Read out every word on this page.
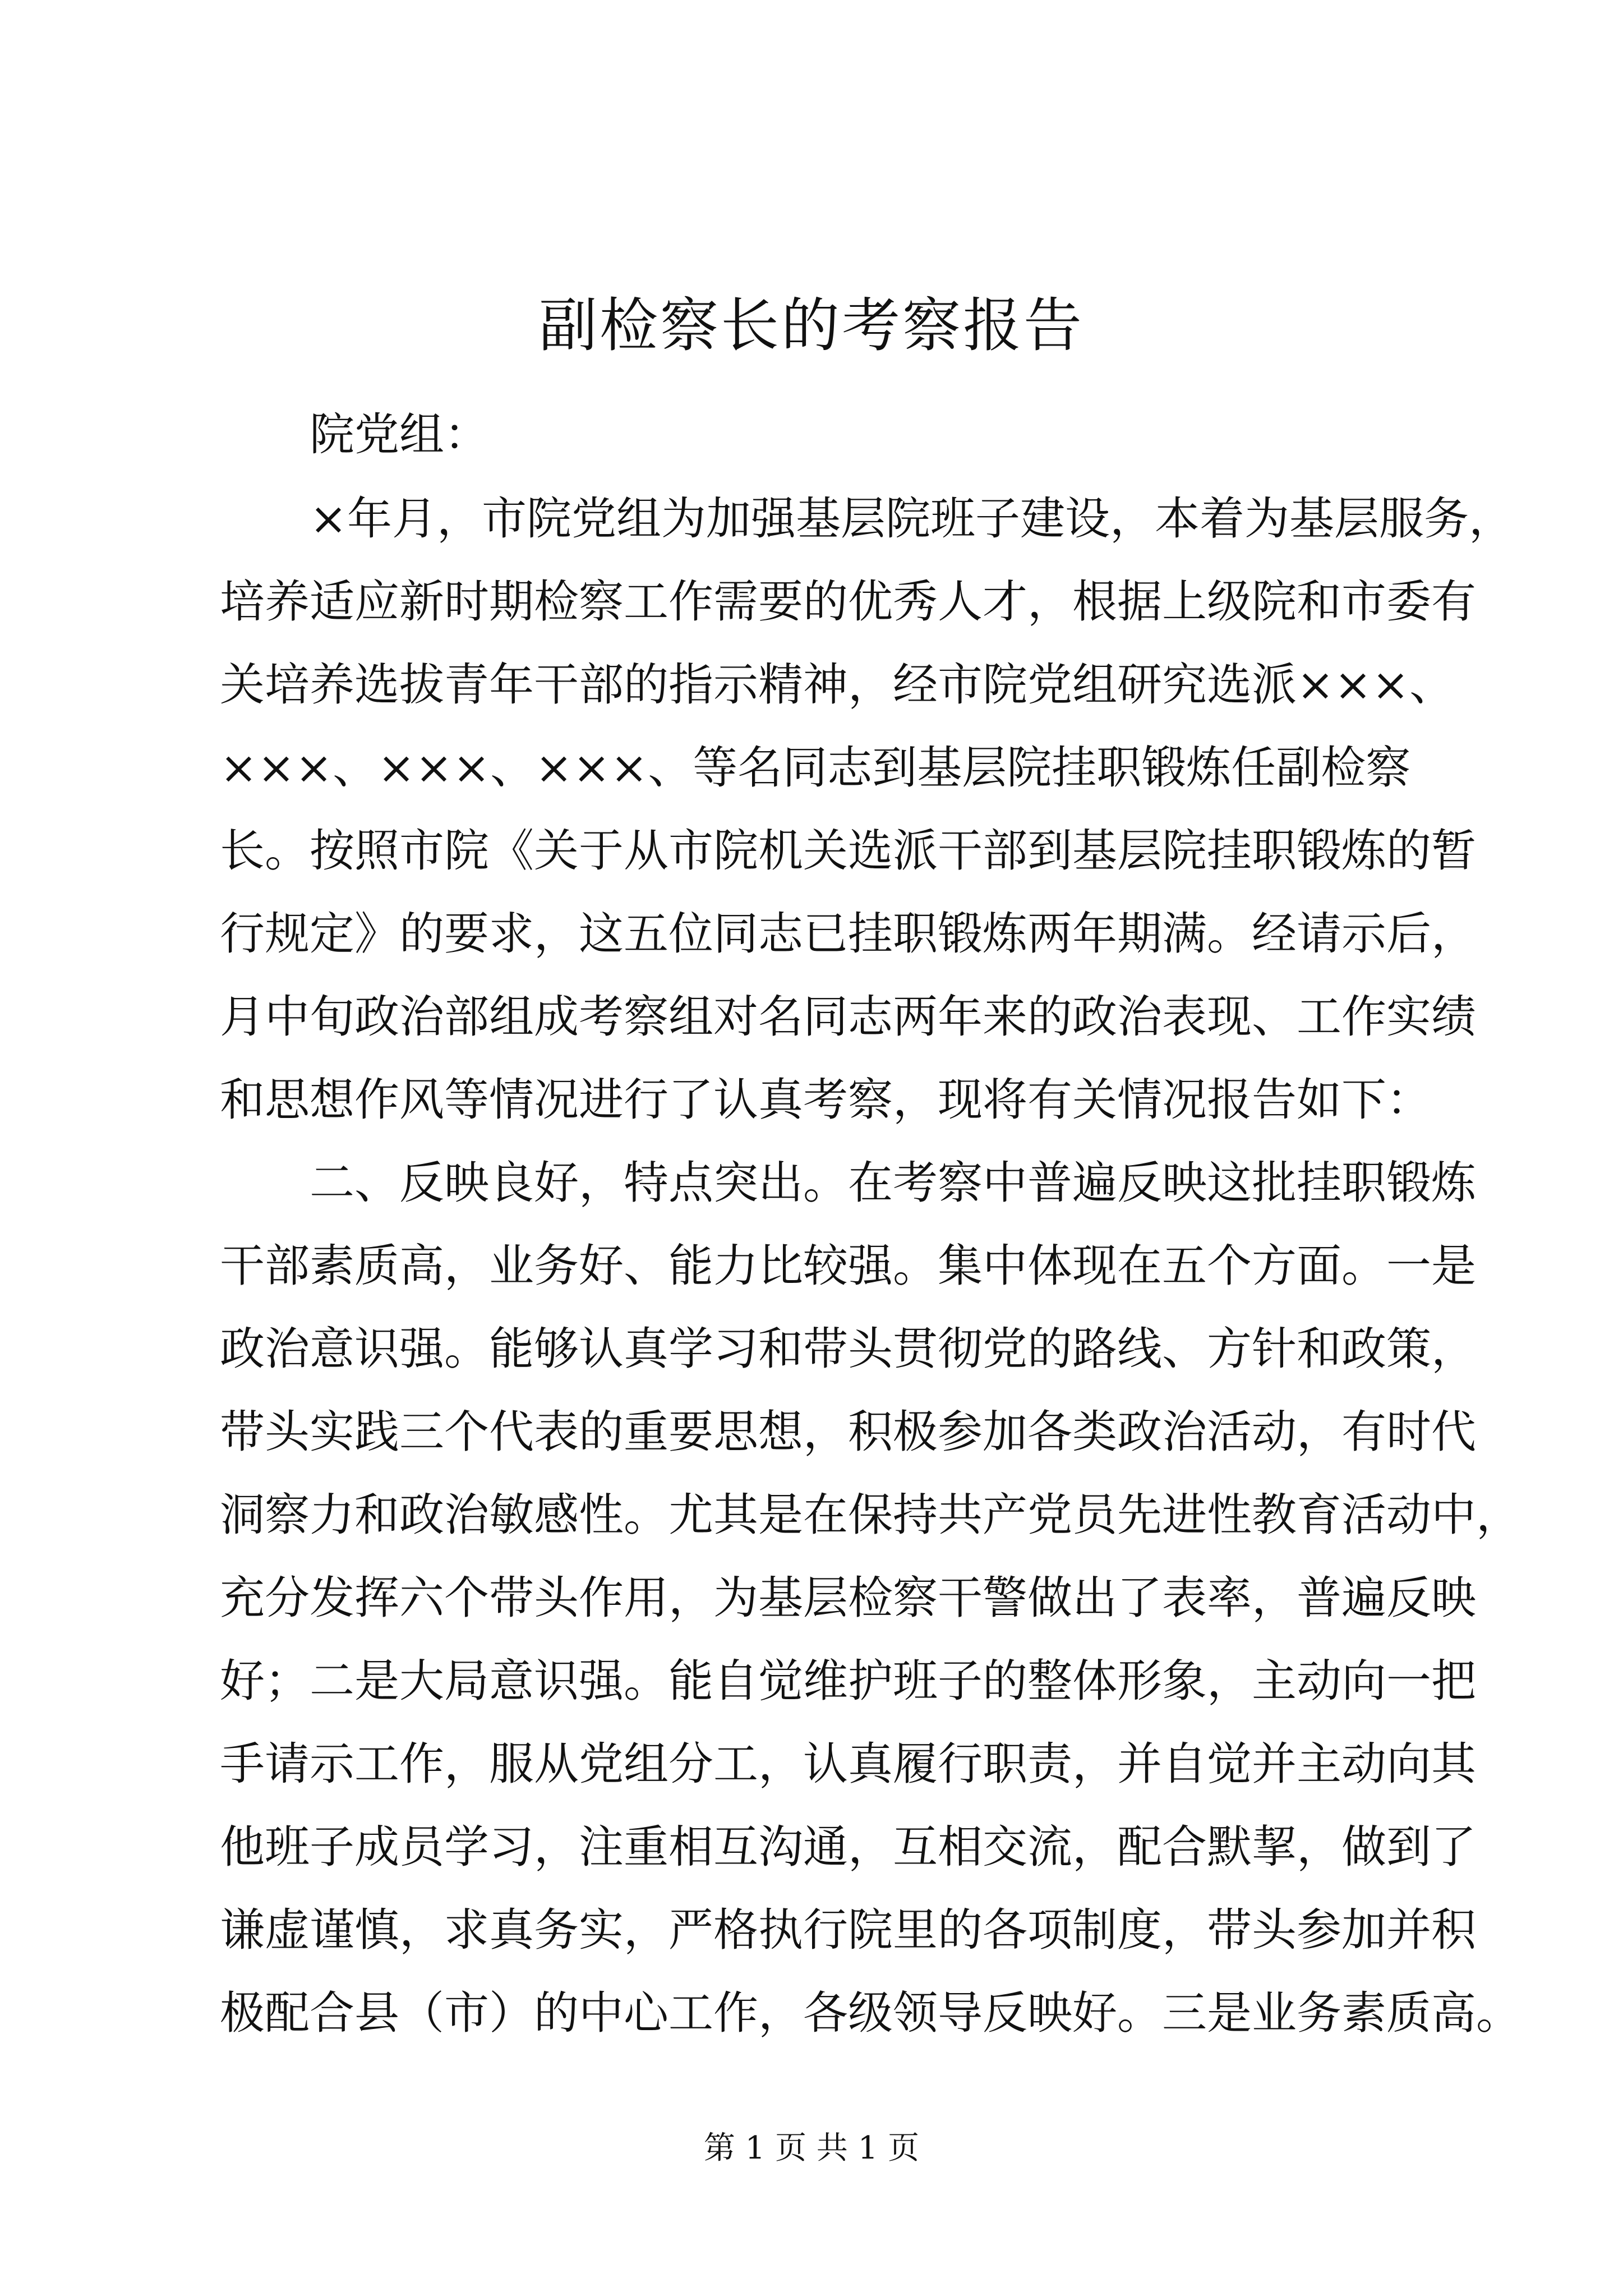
副检察长的考察报告

院党组：

×年月，市院党组为加强基层院班子建设，本着为基层服务，

培养适应新时期检察工作需要的优秀人才，根据上级院和市委有

关培养选拔青年干部的指示精神，经市院党组研究选派×××、

×××、×××、×××、等名同志到基层院挂职锻炼任副检察

长。按照市院《关于从市院机关选派干部到基层院挂职锻炼的暂

行规定》的要求，这五位同志已挂职锻炼两年期满。经请示后，

月中旬政治部组成考察组对名同志两年来的政治表现、工作实绩

和思想作风等情况进行了认真考察，现将有关情况报告如下：

二、反映良好，特点突出。在考察中普遍反映这批挂职锻炼

干部素质高，业务好、能力比较强。集中体现在五个方面。一是

政治意识强。能够认真学习和带头贯彻党的路线、方针和政策，

带头实践三个代表的重要思想，积极参加各类政治活动，有时代

洞察力和政治敏感性。尤其是在保持共产党员先进性教育活动中，

充分发挥六个带头作用，为基层检察干警做出了表率，普遍反映

好；二是大局意识强。能自觉维护班子的整体形象，主动向一把

手请示工作，服从党组分工，认真履行职责，并自觉并主动向其

他班子成员学习，注重相互沟通，互相交流，配合默挈，做到了

谦虚谨慎，求真务实，严格执行院里的各项制度，带头参加并积

极配合县（市）的中心工作，各级领导反映好。三是业务素质高。

第 1 页 共 1 页
